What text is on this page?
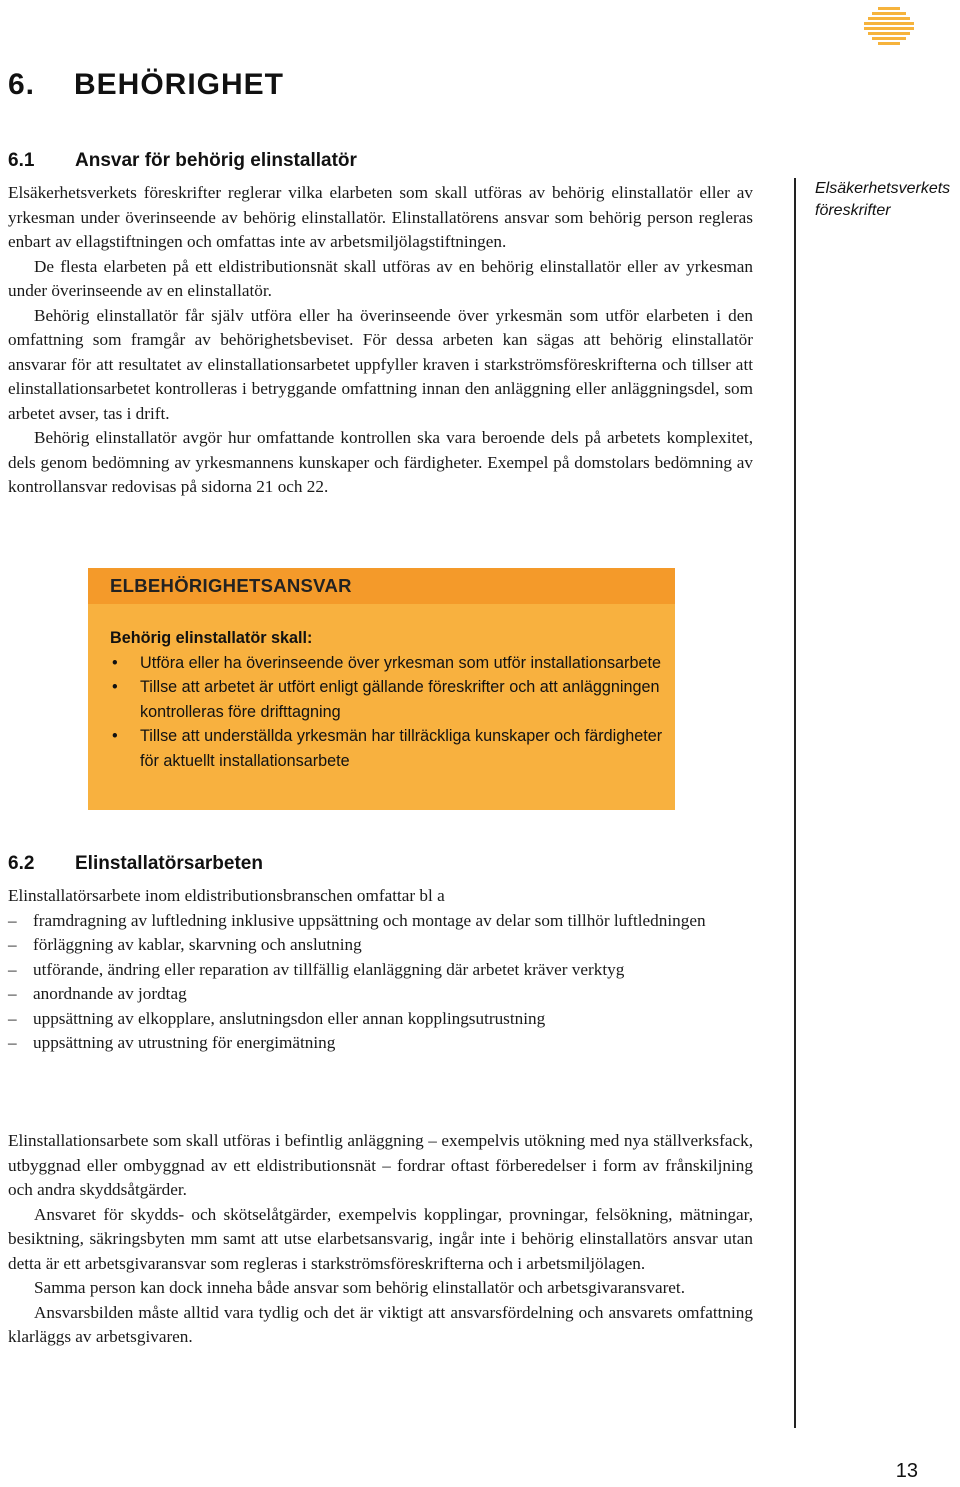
6. BEHÖRIGHET
6.1 Ansvar för behörig elinstallatör

Elsäkerhetsverkets föreskrifter reglerar vilka elarbeten som skall utföras av behörig elinstallatör eller av yrkesman under överinseende av behörig elinstallatör. Elinstallatörens ansvar som behörig person regleras enbart av ellagstiftningen och omfattas inte av arbetsmiljölagstiftningen.

De flesta elarbeten på ett eldistributionsnät skall utföras av en behörig elinstallatör eller av yrkesman under överinseende av en elinstallatör.

Behörig elinstallatör får själv utföra eller ha överinseende över yrkesmän som utför elarbeten i den omfattning som framgår av behörighetsbeviset. För dessa arbeten kan sägas att behörig elinstallatör ansvarar för att resultatet av elinstallationsarbetet uppfyller kraven i starkströmsföreskrifterna och tillser att elinstallationsarbetet kontrolleras i betryggande omfattning innan den anläggning eller anläggningsdel, som arbetet avser, tas i drift.

Behörig elinstallatör avgör hur omfattande kontrollen ska vara beroende dels på arbetets komplexitet, dels genom bedömning av yrkesmannens kunskaper och färdigheter. Exempel på domstolars bedömning av kontrollansvar redovisas på sidorna 21 och 22.

Elsäkerhetsverkets föreskrifter
ELBEHÖRIGHETSANSVAR

Behörig elinstallatör skall:

• Utföra eller ha överinseende över yrkesman som utför installationsarbete
• Tillse att arbetet är utfört enligt gällande föreskrifter och att anläggningen kontrolleras före drifttagning
• Tillse att underställda yrkesmän har tillräckliga kunskaper och färdigheter för aktuellt installationsarbete
6.2 Elinstallatörsarbeten

Elinstallatörsarbete inom eldistributionsbranschen omfattar bl a

– framdragning av luftledning inklusive uppsättning och montage av delar som tillhör luftledningen
– förläggning av kablar, skarvning och anslutning
– utförande, ändring eller reparation av tillfällig elanläggning där arbetet kräver verktyg
– anordnande av jordtag
– uppsättning av elkopplare, anslutningsdon eller annan kopplingsutrustning
– uppsättning av utrustning för energimätning

Elinstallationsarbete som skall utföras i befintlig anläggning – exempelvis utökning med nya ställverksfack, utbyggnad eller ombyggnad av ett eldistributionsnät – fordrar oftast förberedelser i form av frånskiljning och andra skyddsåtgärder.

Ansvaret för skydds- och skötselåtgärder, exempelvis kopplingar, provningar, felsökning, mätningar, besiktning, säkringsbyten mm samt att utse elarbetsansvarig, ingår inte i behörig elinstallatörs ansvar utan detta är ett arbetsgivaransvar som regleras i starkströmsföreskrifterna och i arbetsmiljölagen.

Samma person kan dock inneha både ansvar som behörig elinstallatör och arbetsgivaransvaret.

Ansvarsbilden måste alltid vara tydlig och det är viktigt att ansvarsfördelning och ansvarets omfattning klarläggs av arbetsgivaren.

13
